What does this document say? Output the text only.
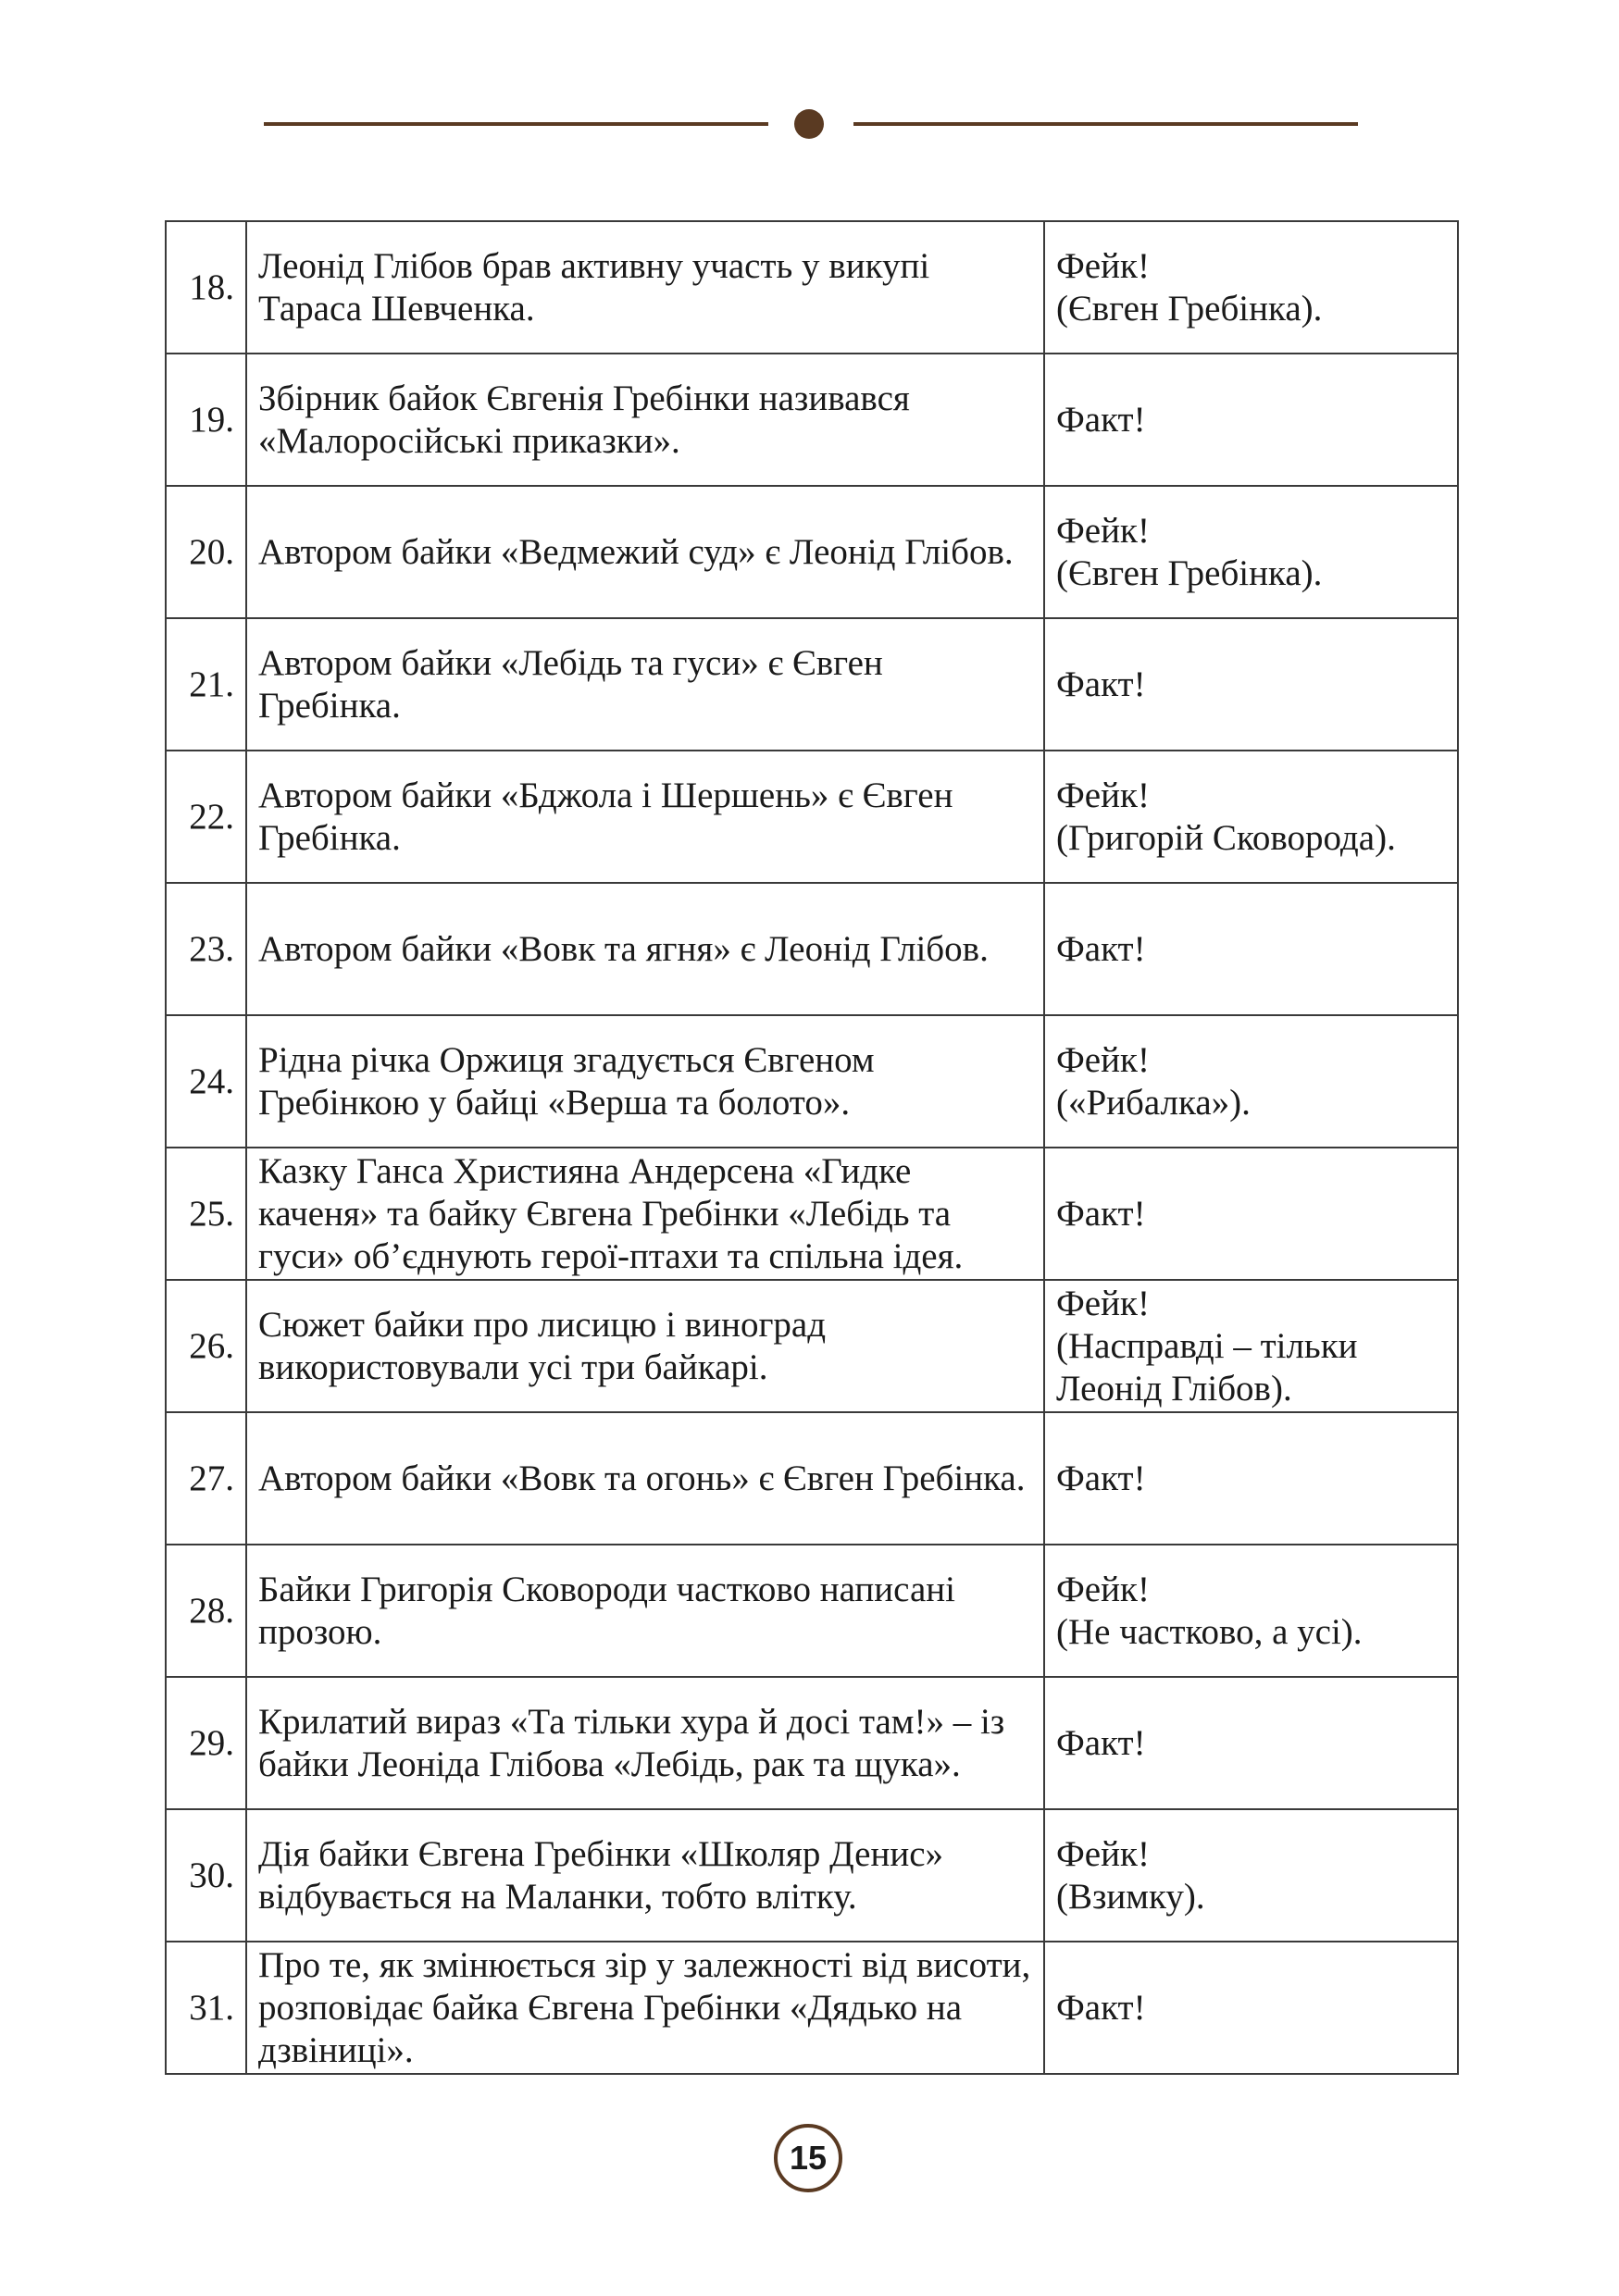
18.	Леонід Глібов брав активну участь у викупі Тараса Шевченка.	Фейк!
(Євген Гребінка).

19.	Збірник байок Євгенія Гребінки називався «Малоросійські приказки».	Факт!

20.	Автором байки «Ведмежий суд» є Леонід Глібов.	Фейк!
(Євген Гребінка).

21.	Автором байки «Лебідь та гуси» є Євген Гребінка.	Факт!

22.	Автором байки «Бджола і Шершень» є Євген Гребінка.	Фейк!
(Григорій Сковорода).

23.	Автором байки «Вовк та ягня» є Леонід Глібов.	Факт!

24.	Рідна річка Оржиця згадується Євгеном Гребінкою у байці «Верша та болото».	Фейк!
(«Рибалка»).

25.	Казку Ганса Християна Андерсена «Гидке каченя» та байку Євгена Гребінки «Лебідь та гуси» об’єднують герої-птахи та спільна ідея.	Факт!

26.	Сюжет байки про лисицю і виноград використовували усі три байкарі.	Фейк!
(Насправді – тільки Леонід Глібов).

27.	Автором байки «Вовк та огонь» є Євген Гребінка.	Факт!

28.	Байки Григорія Сковороди частково написані прозою.	Фейк!
(Не частково, а усі).

29.	Крилатий вираз «Та тільки хура й досі там!» – із байки Леоніда Глібова «Лебідь, рак та щука».	Факт!

30.	Дія байки Євгена Гребінки «Школяр Денис» відбувається на Маланки, тобто влітку.	Фейк!
(Взимку).

31.	Про те, як змінюється зір у залежності від висоти, розповідає байка Євгена Гребінки «Дядько на дзвіниці».	Факт!
15
